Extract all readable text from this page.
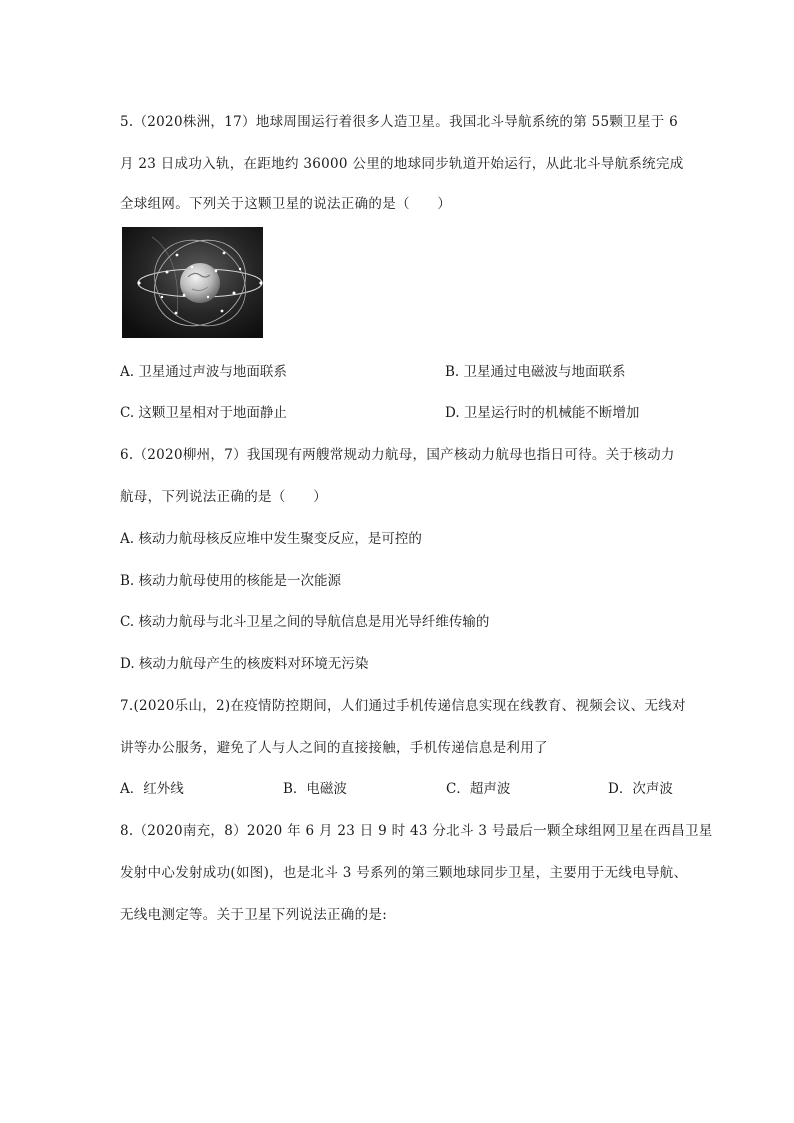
5.（2020株洲，17）地球周围运行着很多人造卫星。我国北斗导航系统的第 55颗卫星于 6
月 23 日成功入轨，在距地约 36000 公里的地球同步轨道开始运行，从此北斗导航系统完成
全球组网。下列关于这颗卫星的说法正确的是（　　）
A. 卫星通过声波与地面联系	B. 卫星通过电磁波与地面联系
C. 这颗卫星相对于地面静止	D. 卫星运行时的机械能不断增加
6.（2020柳州，7）我国现有两艘常规动力航母，国产核动力航母也指日可待。关于核动力
航母，下列说法正确的是（　　）
A. 核动力航母核反应堆中发生聚变反应，是可控的
B. 核动力航母使用的核能是一次能源
C. 核动力航母与北斗卫星之间的导航信息是用光导纤维传输的
D. 核动力航母产生的核废料对环境无污染
7.(2020乐山，2)在疫情防控期间，人们通过手机传递信息实现在线教育、视频会议、无线对
讲等办公服务，避免了人与人之间的直接接触，手机传递信息是利用了
A．红外线	B．电磁波	C．超声波	D．次声波
8.（2020南充，8）2020 年 6 月 23 日 9 时 43 分北斗 3 号最后一颗全球组网卫星在西昌卫星
发射中心发射成功(如图)，也是北斗 3 号系列的第三颗地球同步卫星，主要用于无线电导航、
无线电测定等。关于卫星下列说法正确的是:
